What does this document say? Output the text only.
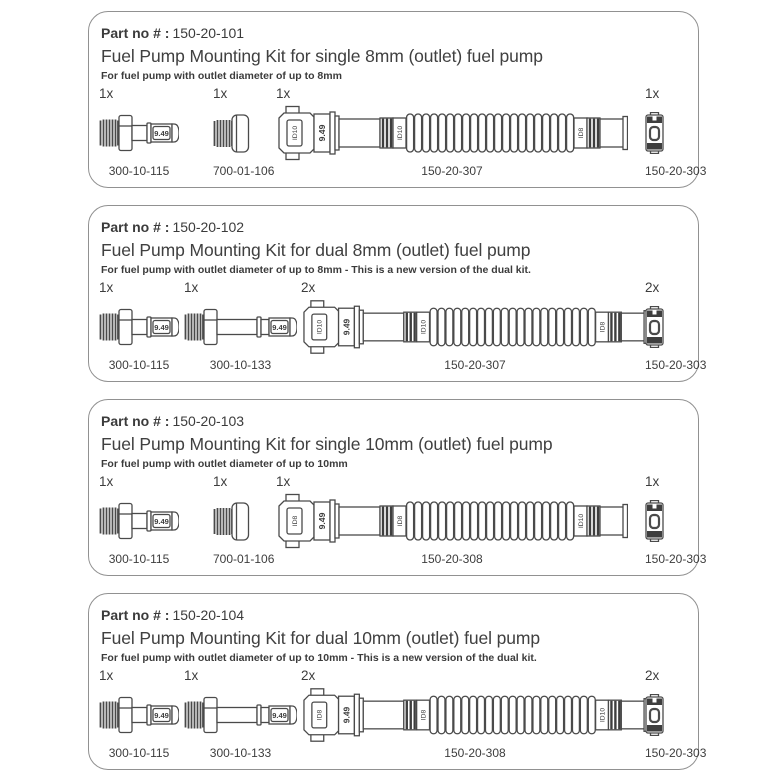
Part no # : 150-20-101
Fuel Pump Mounting Kit for single 8mm (outlet) fuel pump
For fuel pump with outlet diameter of up to 8mm
1x
300-10-115
1x
700-01-106
1x
ID10 9.49	ID10	ID8
150-20-307
1x
150-20-303
Part no # : 150-20-102
Fuel Pump Mounting Kit for dual 8mm (outlet) fuel pump
For fuel pump with outlet diameter of up to 8mm - This is a new version of the dual kit.
1x
300-10-115
1x
300-10-133
2x
ID10 9.49	ID10	ID8
150-20-307
2x
150-20-303
Part no # : 150-20-103
Fuel Pump Mounting Kit for single 10mm (outlet) fuel pump
For fuel pump with outlet diameter of up to 10mm
1x
300-10-115
1x
700-01-106
1x
ID8 9.49	ID8	ID10
150-20-308
1x
150-20-303
Part no # : 150-20-104
Fuel Pump Mounting Kit for dual 10mm (outlet) fuel pump
For fuel pump with outlet diameter of up to 10mm - This is a new version of the dual kit.
1x
300-10-115
1x
300-10-133
2x
ID8 9.49	ID8	ID10
150-20-308
2x
150-20-303
